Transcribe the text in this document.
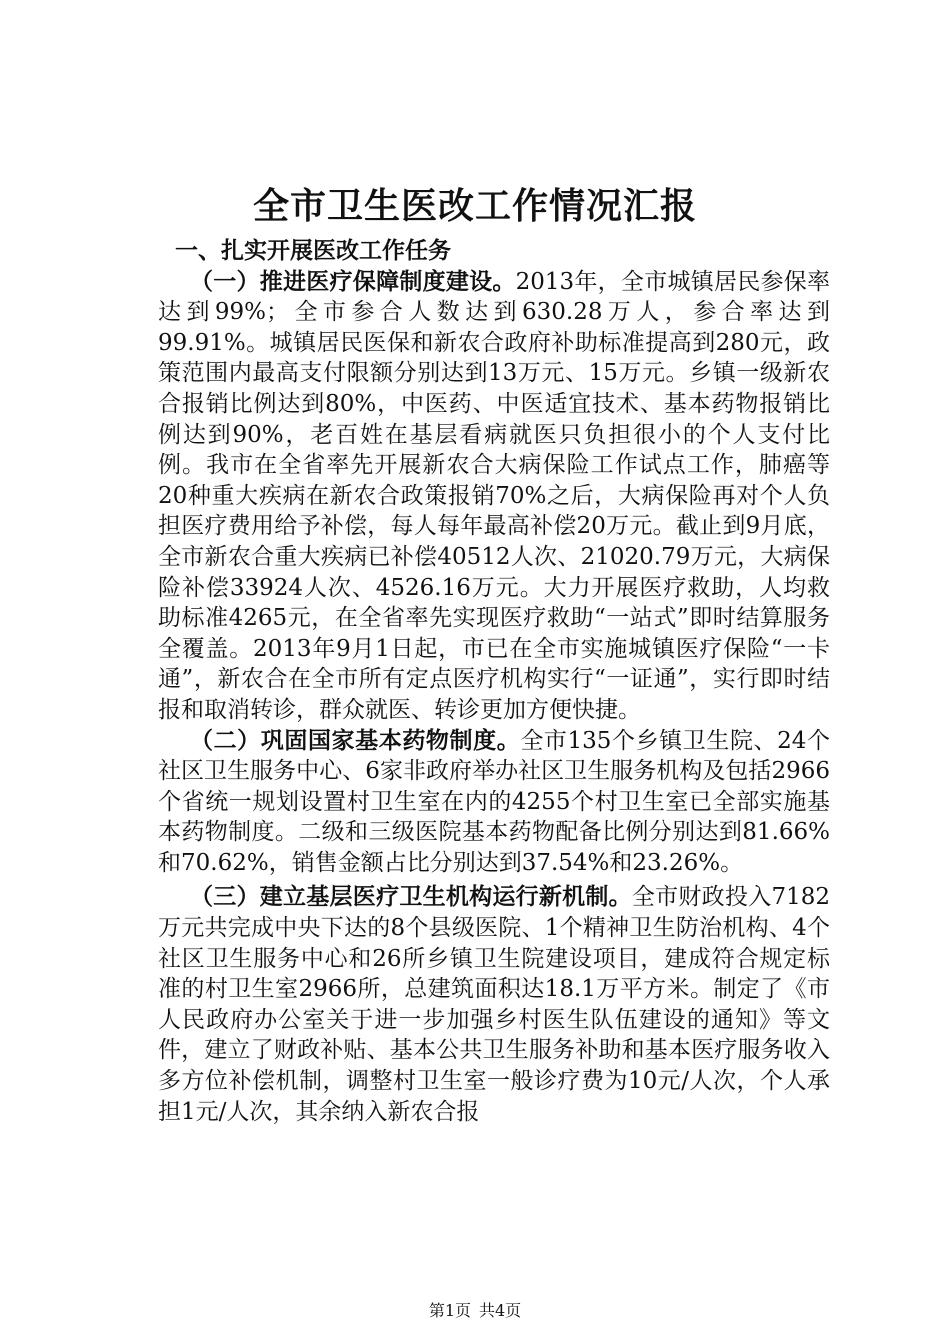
全市卫生医改工作情况汇报
一、扎实开展医改工作任务
（一）推进医疗保障制度建设。2013年，全市城镇居民参保率达到99%；全市参合人数达到630.28万人，参合率达到99.91%。城镇居民医保和新农合政府补助标准提高到280元，政策范围内最高支付限额分别达到13万元、15万元。乡镇一级新农合报销比例达到80%，中医药、中医适宜技术、基本药物报销比例达到90%，老百姓在基层看病就医只负担很小的个人支付比例。我市在全省率先开展新农合大病保险工作试点工作，肺癌等20种重大疾病在新农合政策报销70%之后，大病保险再对个人负担医疗费用给予补偿，每人每年最高补偿20万元。截止到9月底，全市新农合重大疾病已补偿40512人次、21020.79万元，大病保险补偿33924人次、4526.16万元。大力开展医疗救助，人均救助标准4265元，在全省率先实现医疗救助“一站式”即时结算服务全覆盖。2013年9月1日起，市已在全市实施城镇医疗保险“一卡通”，新农合在全市所有定点医疗机构实行“一证通”，实行即时结报和取消转诊，群众就医、转诊更加方便快捷。
（二）巩固国家基本药物制度。全市135个乡镇卫生院、24个社区卫生服务中心、6家非政府举办社区卫生服务机构及包括2966个省统一规划设置村卫生室在内的4255个村卫生室已全部实施基本药物制度。二级和三级医院基本药物配备比例分别达到81.66%和70.62%，销售金额占比分别达到37.54%和23.26%。
（三）建立基层医疗卫生机构运行新机制。全市财政投入7182万元共完成中央下达的8个县级医院、1个精神卫生防治机构、4个社区卫生服务中心和26所乡镇卫生院建设项目，建成符合规定标准的村卫生室2966所，总建筑面积达18.1万平方米。制定了《市人民政府办公室关于进一步加强乡村医生队伍建设的通知》等文件，建立了财政补贴、基本公共卫生服务补助和基本医疗服务收入多方位补偿机制，调整村卫生室一般诊疗费为10元/人次，个人承担1元/人次，其余纳入新农合报
第1页 共4页
